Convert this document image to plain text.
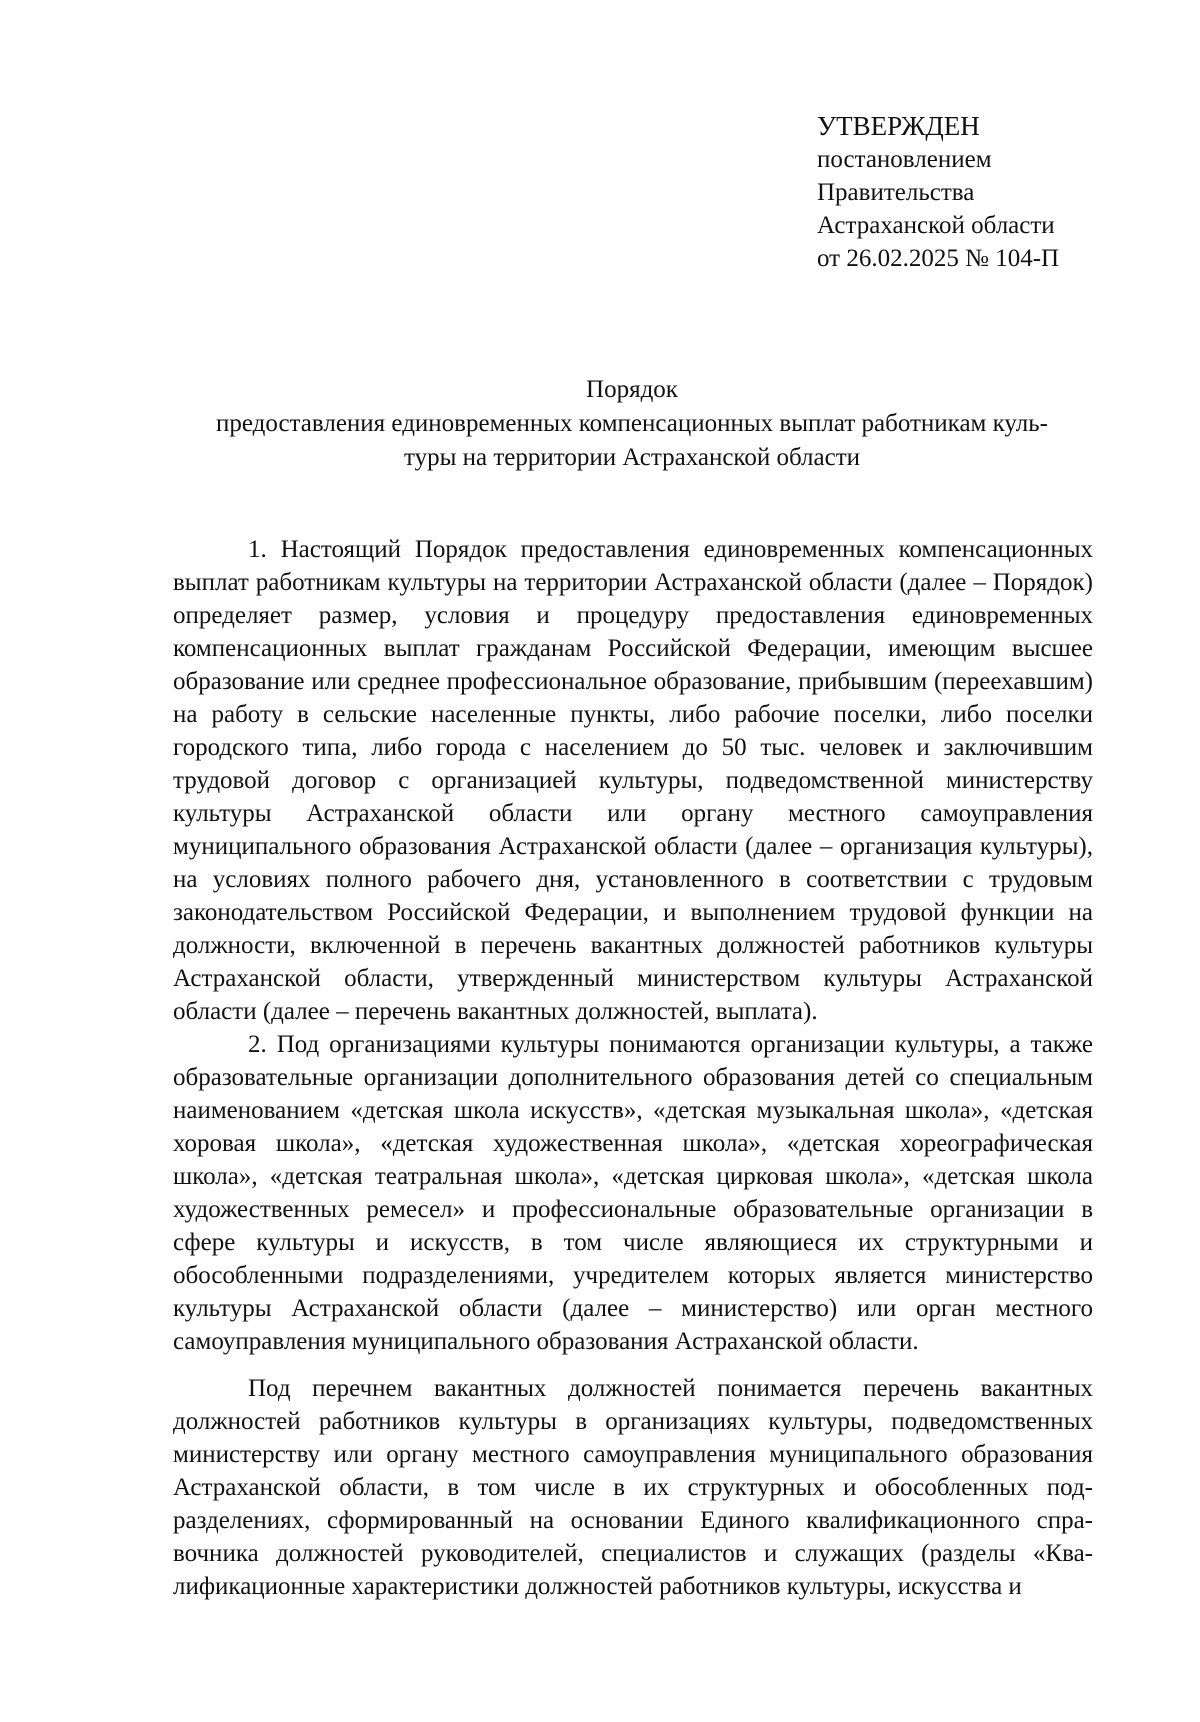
УТВЕРЖДЕН
постановлением
Правительства
Астраханской области
от 26.02.2025 № 104-П
Порядок
предоставления единовременных компенсационных выплат работникам куль-
туры на территории Астраханской области

1. Настоящий Порядок предоставления единовременных компенсационных выплат работникам культуры на территории Астраханской области (далее – Порядок) определяет размер, условия и процедуру предоставления единовременных компенсационных выплат гражданам Российской Федерации, имеющим высшее образование или среднее профессиональное образование, прибывшим (переехавшим) на работу в сельские населенные пункты, либо рабочие поселки, либо поселки городского типа, либо города с населением до 50 тыс. человек и заключившим трудовой договор с организацией культуры, подведомственной министерству культуры Астраханской области или органу местного самоуправления муниципального образования Астраханской области (далее – организация культуры), на условиях полного рабочего дня, установленного в соответствии с трудовым законодательством Российской Федерации, и выполнением трудовой функции на должности, включенной в перечень вакантных должностей работников культуры Астраханской области, утвержденный министерством культуры Астраханской области (далее – перечень вакантных должностей, выплата).

2. Под организациями культуры понимаются организации культуры, а также образовательные организации дополнительного образования детей со специальным наименованием «детская школа искусств», «детская музыкальная школа», «детская хоровая школа», «детская художественная школа», «детская хореографическая школа», «детская театральная школа», «детская цирковая школа», «детская школа художественных ремесел» и профессиональные образовательные организации в сфере культуры и искусств, в том числе являющиеся их структурными и обособленными подразделениями, учредителем которых является министерство культуры Астраханской области (далее – министерство) или орган местного самоуправления муниципального образования Астраханской области.

Под перечнем вакантных должностей понимается перечень вакантных должностей работников культуры в организациях культуры, подведомственных министерству или органу местного самоуправления муниципального образования Астраханской области, в том числе в их структурных и обособленных подразделениях, сформированный на основании Единого квалификационного справочника должностей руководителей, специалистов и служащих (разделы «Квалификационные характеристики должностей работников культуры, искусства и
